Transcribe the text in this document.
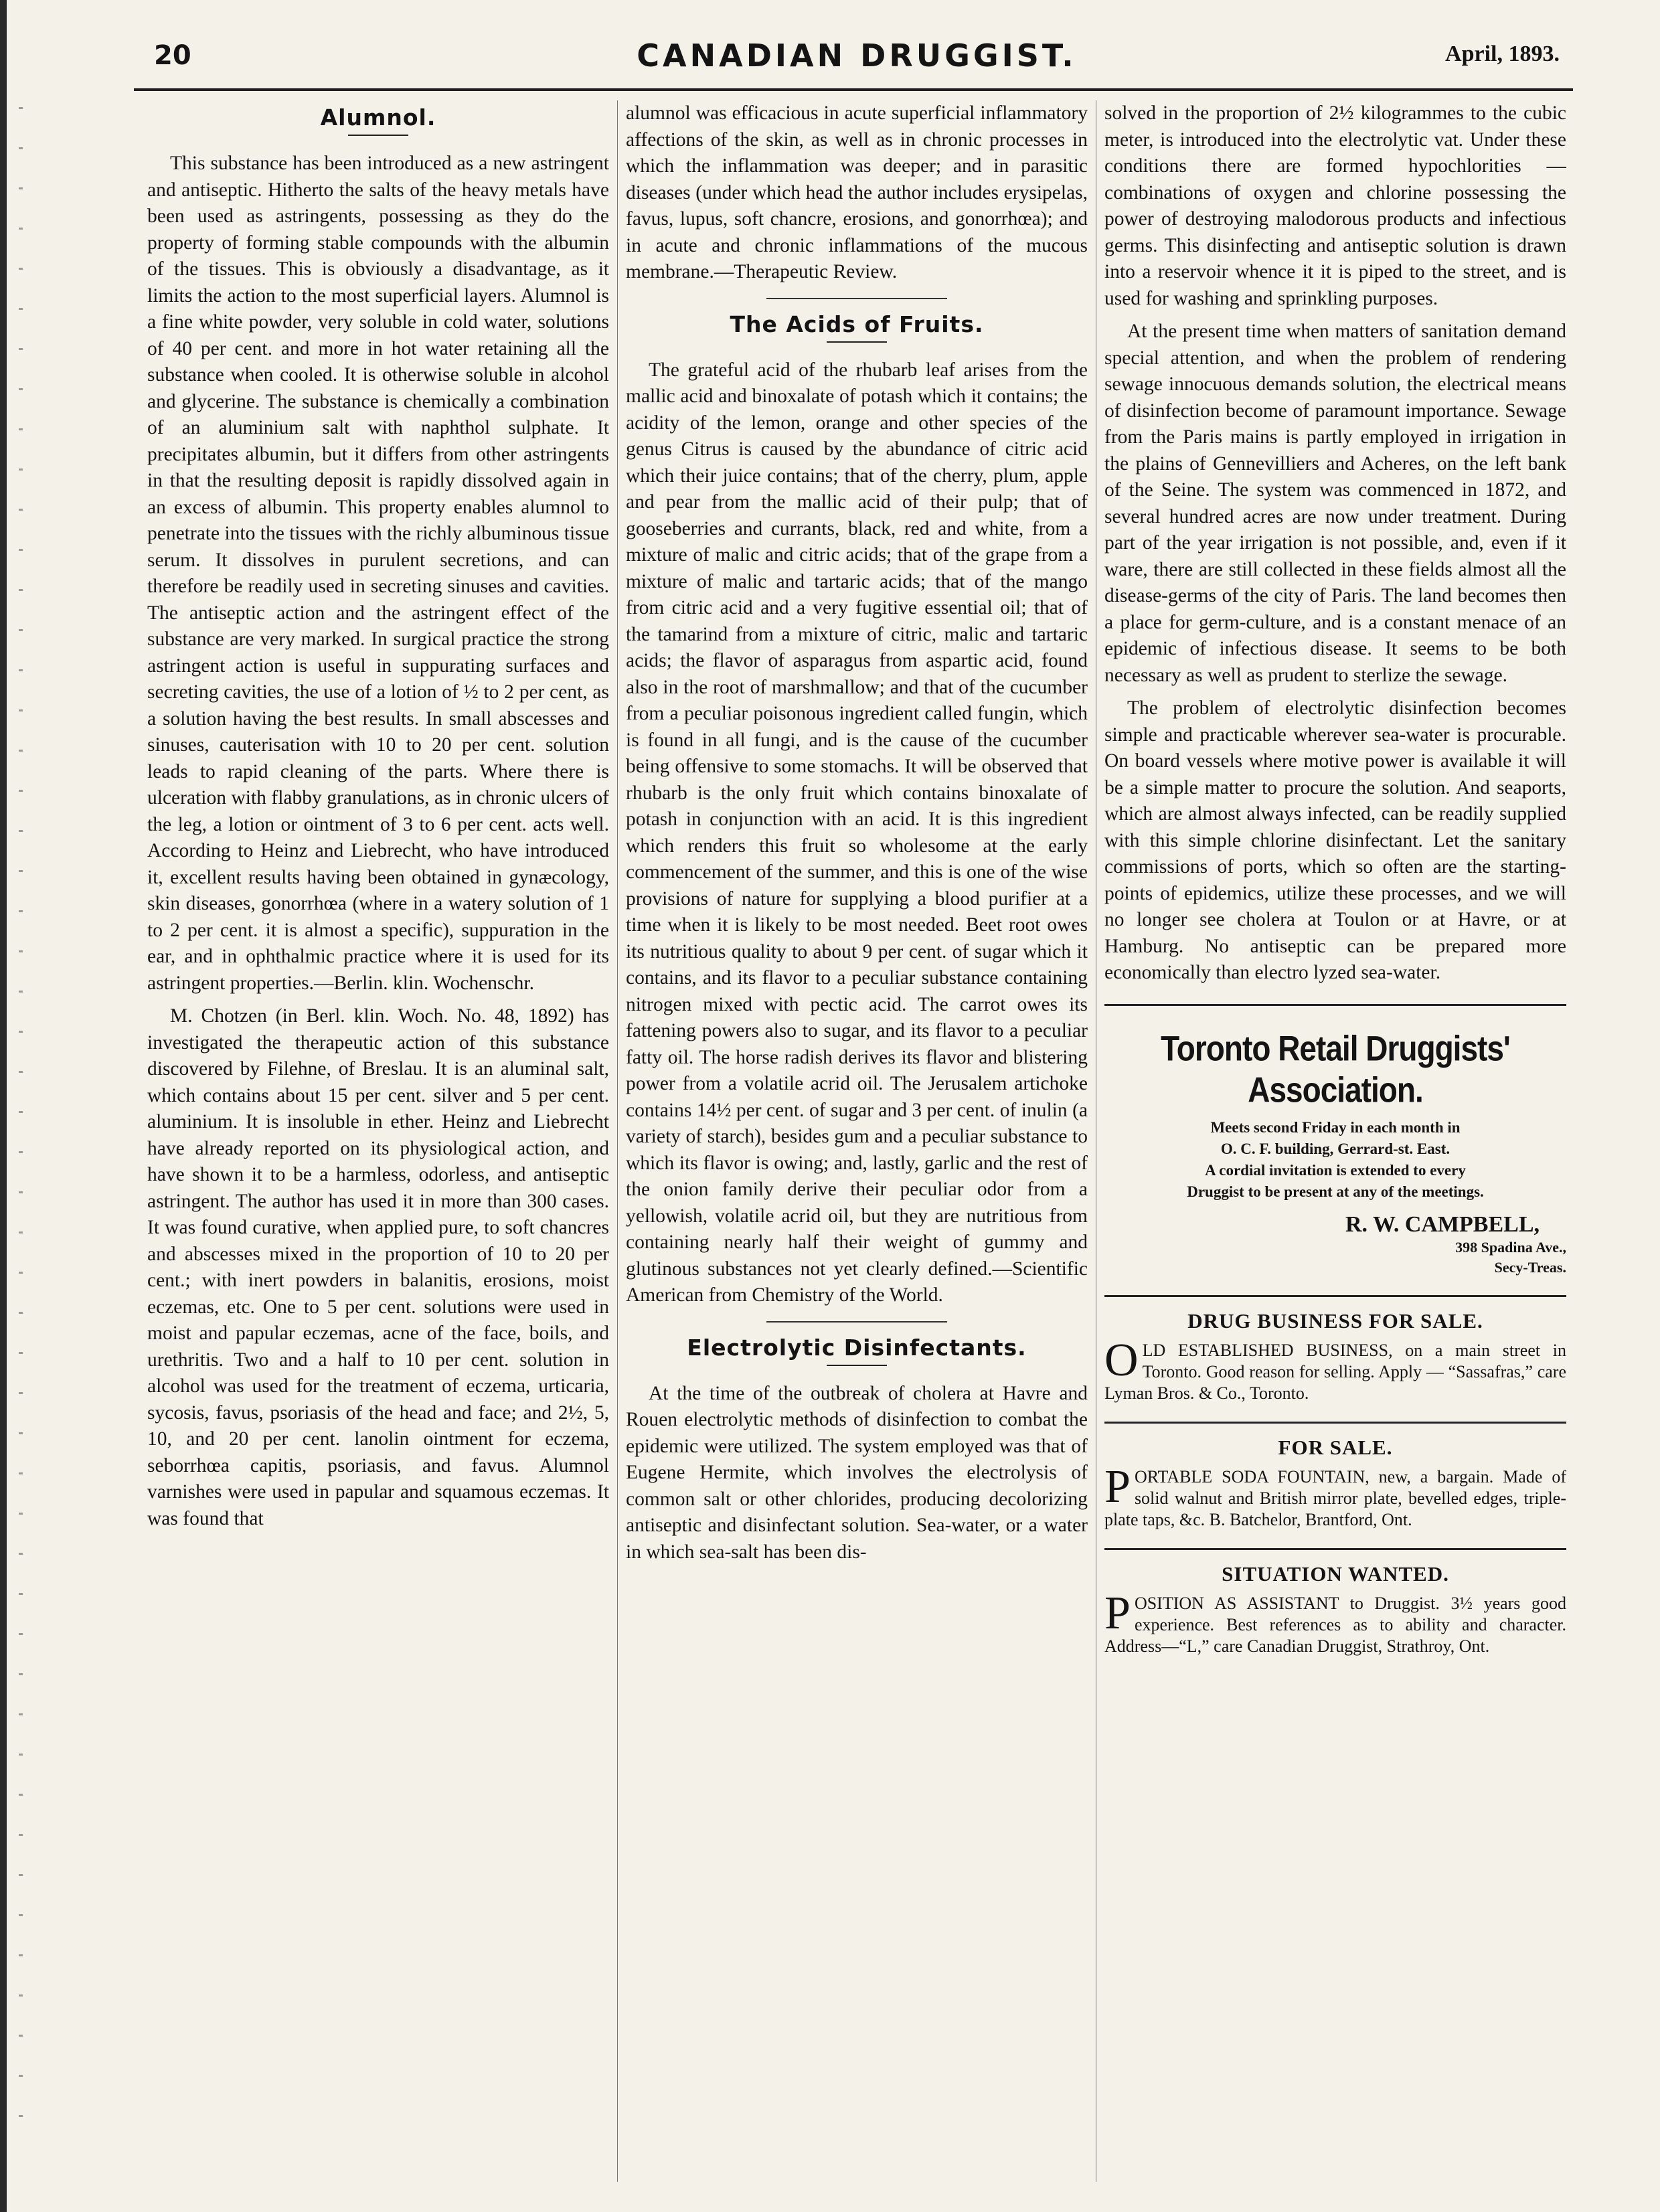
20	CANADIAN DRUGGIST.	April, 1893.
Alumnol.

This substance has been introduced as a new astringent and antiseptic. Hitherto the salts of the heavy metals have been used as astringents, possessing as they do the property of forming stable compounds with the albumin of the tissues. This is obviously a disadvantage, as it limits the action to the most superficial layers. Alumnol is a fine white powder, very soluble in cold water, solutions of 40 per cent. and more in hot water retaining all the substance when cooled. It is otherwise soluble in alcohol and glycerine. The substance is chemically a combination of an aluminium salt with naphthol sulphate. It precipitates albumin, but it differs from other astringents in that the resulting deposit is rapidly dissolved again in an excess of albumin. This property enables alumnol to penetrate into the tissues with the richly albuminous tissue serum. It dissolves in purulent secretions, and can therefore be readily used in secreting sinuses and cavities. The antiseptic action and the astringent effect of the substance are very marked. In surgical practice the strong astringent action is useful in suppurating surfaces and secreting cavities, the use of a lotion of ½ to 2 per cent, as a solution having the best results. In small abscesses and sinuses, cauterisation with 10 to 20 per cent. solution leads to rapid cleaning of the parts. Where there is ulceration with flabby granulations, as in chronic ulcers of the leg, a lotion or ointment of 3 to 6 per cent. acts well. According to Heinz and Liebrecht, who have introduced it, excellent results having been obtained in gynæcology, skin diseases, gonorrhœa (where in a watery solution of 1 to 2 per cent. it is almost a specific), suppuration in the ear, and in ophthalmic practice where it is used for its astringent properties.—Berlin. klin. Wochenschr.

M. Chotzen (in Berl. klin. Woch. No. 48, 1892) has investigated the therapeutic action of this substance discovered by Filehne, of Breslau. It is an aluminal salt, which contains about 15 per cent. silver and 5 per cent. aluminium. It is insoluble in ether. Heinz and Liebrecht have already reported on its physiological action, and have shown it to be a harmless, odorless, and antiseptic astringent. The author has used it in more than 300 cases. It was found curative, when applied pure, to soft chancres and abscesses mixed in the proportion of 10 to 20 per cent.; with inert powders in balanitis, erosions, moist eczemas, etc. One to 5 per cent. solutions were used in moist and papular eczemas, acne of the face, boils, and urethritis. Two and a half to 10 per cent. solution in alcohol was used for the treatment of eczema, urticaria, sycosis, favus, psoriasis of the head and face; and 2½, 5, 10, and 20 per cent. lanolin ointment for eczema, seborrhœa capitis, psoriasis, and favus. Alumnol varnishes were used in papular and squamous eczemas. It was found that

alumnol was efficacious in acute superficial inflammatory affections of the skin, as well as in chronic processes in which the inflammation was deeper; and in parasitic diseases (under which head the author includes erysipelas, favus, lupus, soft chancre, erosions, and gonorrhœa); and in acute and chronic inflammations of the mucous membrane.—Therapeutic Review.

The Acids of Fruits.

The grateful acid of the rhubarb leaf arises from the mallic acid and binoxalate of potash which it contains; the acidity of the lemon, orange and other species of the genus Citrus is caused by the abundance of citric acid which their juice contains; that of the cherry, plum, apple and pear from the mallic acid of their pulp; that of gooseberries and currants, black, red and white, from a mixture of malic and citric acids; that of the grape from a mixture of malic and tartaric acids; that of the mango from citric acid and a very fugitive essential oil; that of the tamarind from a mixture of citric, malic and tartaric acids; the flavor of asparagus from aspartic acid, found also in the root of marshmallow; and that of the cucumber from a peculiar poisonous ingredient called fungin, which is found in all fungi, and is the cause of the cucumber being offensive to some stomachs. It will be observed that rhubarb is the only fruit which contains binoxalate of potash in conjunction with an acid. It is this ingredient which renders this fruit so wholesome at the early commencement of the summer, and this is one of the wise provisions of nature for supplying a blood purifier at a time when it is likely to be most needed. Beet root owes its nutritious quality to about 9 per cent. of sugar which it contains, and its flavor to a peculiar substance containing nitrogen mixed with pectic acid. The carrot owes its fattening powers also to sugar, and its flavor to a peculiar fatty oil. The horse radish derives its flavor and blistering power from a volatile acrid oil. The Jerusalem artichoke contains 14½ per cent. of sugar and 3 per cent. of inulin (a variety of starch), besides gum and a peculiar substance to which its flavor is owing; and, lastly, garlic and the rest of the onion family derive their peculiar odor from a yellowish, volatile acrid oil, but they are nutritious from containing nearly half their weight of gummy and glutinous substances not yet clearly defined.—Scientific American from Chemistry of the World.

Electrolytic Disinfectants.

At the time of the outbreak of cholera at Havre and Rouen electrolytic methods of disinfection to combat the epidemic were utilized. The system employed was that of Eugene Hermite, which involves the electrolysis of common salt or other chlorides, producing decolorizing antiseptic and disinfectant solution. Sea-water, or a water in which sea-salt has been dis-

solved in the proportion of 2½ kilogrammes to the cubic meter, is introduced into the electrolytic vat. Under these conditions there are formed hypochlorities —combinations of oxygen and chlorine possessing the power of destroying malodorous products and infectious germs. This disinfecting and antiseptic solution is drawn into a reservoir whence it it is piped to the street, and is used for washing and sprinkling purposes.

At the present time when matters of sanitation demand special attention, and when the problem of rendering sewage innocuous demands solution, the electrical means of disinfection become of paramount importance. Sewage from the Paris mains is partly employed in irrigation in the plains of Gennevilliers and Acheres, on the left bank of the Seine. The system was commenced in 1872, and several hundred acres are now under treatment. During part of the year irrigation is not possible, and, even if it ware, there are still collected in these fields almost all the disease-germs of the city of Paris. The land becomes then a place for germ-culture, and is a constant menace of an epidemic of infectious disease. It seems to be both necessary as well as prudent to sterlize the sewage.

The problem of electrolytic disinfection becomes simple and practicable wherever sea-water is procurable. On board vessels where motive power is available it will be a simple matter to procure the solution. And seaports, which are almost always infected, can be readily supplied with this simple chlorine disinfectant. Let the sanitary commissions of ports, which so often are the starting-points of epidemics, utilize these processes, and we will no longer see cholera at Toulon or at Havre, or at Hamburg. No antiseptic can be prepared more economically than electro lyzed sea-water.

Toronto Retail Druggists' Association.
Meets second Friday in each month in
O. C. F. building, Gerrard-st. East.
A cordial invitation is extended to every
Druggist to be present at any of the meetings.
R. W. CAMPBELL,
398 Spadina Ave.,
Secy-Treas.
DRUG BUSINESS FOR SALE.
O LD ESTABLISHED BUSINESS, on a main street in Toronto. Good reason for selling. Apply — “Sassafras,” care Lyman Bros. & Co., Toronto.
FOR SALE.
P ORTABLE SODA FOUNTAIN, new, a bargain. Made of solid walnut and British mirror plate, bevelled edges, triple-plate taps, &c. B. Batchelor, Brantford, Ont.
SITUATION WANTED.
P OSITION AS ASSISTANT to Druggist. 3½ years good experience. Best references as to ability and character. Address—“L,” care Canadian Druggist, Strathroy, Ont.
